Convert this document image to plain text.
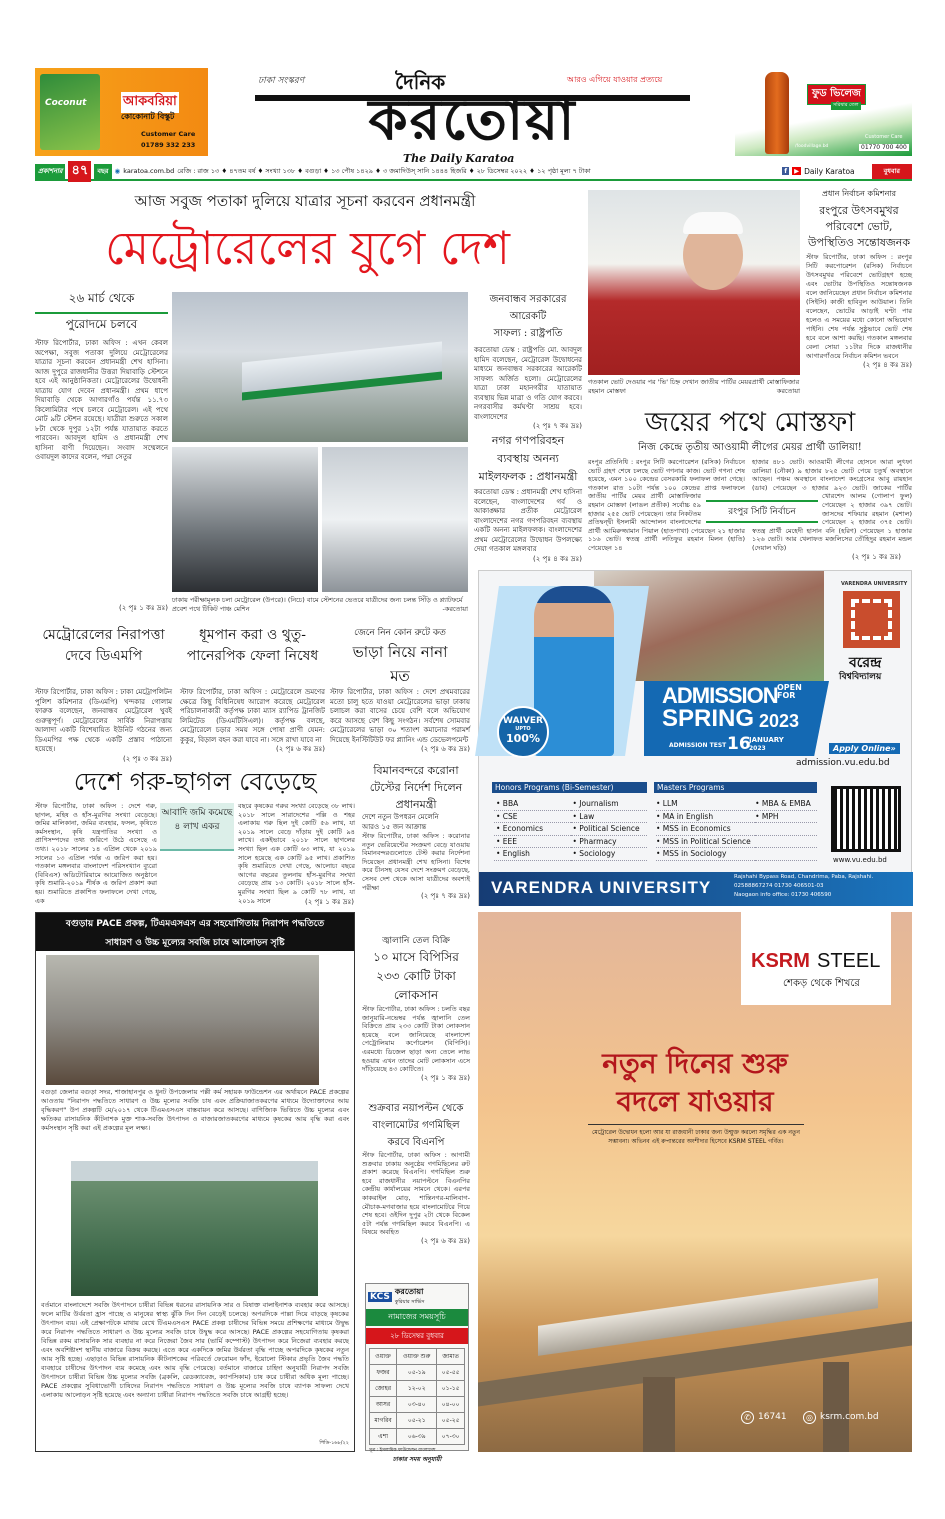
Coconut	আকবরিয়া
কোকোনাট বিস্কুট
Customer Care
01789 332 233
ফুড ভিলেজ
সরিষার তেল
/foodvillage.bd
Customer Care
01770 700 400
ঢাকা সংস্করণ	দৈনিক	আরও এগিয়ে যাওয়ার প্রত্যয়ে
করতোয়া
The Daily Karatoa
প্রকাশনার ৪৭	বছর ◉ karatoa.com.bd রেজি : রাজ ১৩ ♦ ৪৭তম বর্ষ ♦ সংখ্যা ১৩৮ ♦ বগুড়া ♦ ১৩ পৌষ ১৪২৯ ♦ ৩ জমাদিউস্ সানি ১৪৪৪ হিজরি ♦ ২৮ ডিসেম্বর ২০২২ ♦ ১২ পৃষ্ঠা মূল্য ৭ টাকা	f	▶ Daily Karatoa	বুধবার
আজ সবুজ পতাকা দুলিয়ে যাত্রার সূচনা করবেন প্রধানমন্ত্রী
মেট্রোরেলের যুগে দেশ
২৬ মার্চ থেকে
পুরোদমে চলবে
স্টাফ রিপোর্টার, ঢাকা অফিস : এখন কেবল অপেক্ষা, সবুজ পতাকা দুলিয়ে মেট্রোরেলের যাত্রার সূচনা করবেন প্রধানমন্ত্রী শেখ হাসিনা। আজ দুপুরে রাজধানীর উত্তরা দিয়াবাড়ি স্টেশনে হবে এই আনুষ্ঠানিকতা। মেট্রোরেলের উদ্বোধনী যাত্রায় যোগ দেবেন প্রধানমন্ত্রী। প্রথম ধাপে দিয়াবাড়ি থেকে আগারগাঁও পর্যন্ত ১১.৭৩ কিলোমিটার পথে চলবে মেট্রোরেল। এই পথে মোট ৯টি স্টেশন রয়েছে। যাত্রীরা শুরুতে সকাল ৮টা থেকে দুপুর ১২টা পর্যন্ত যাতায়াত করতে পারবেন। আবদুল হামিদ ও প্রধানমন্ত্রী শেখ হাসিনা বাণী দিয়েছেন। সংবাদ সম্মেলনে ওবায়দুল কাদের বলেন, পদ্মা সেতুর
(২ পৃঃ ১ কঃ দ্রঃ)
ঢাকায় পরীক্ষামূলক চলা মেট্রোরেল (উপরে)। (নিচে) বামে স্টেশনের ভেতরে যাত্রীদের জন্য চলন্ত সিঁড়ি ও প্ল্যাটফর্মে প্রবেশ পথে টিকিট পাঞ্চ মেশিন	-করতোয়া
জনবান্ধব সরকারের
আরেকটি
সাফল্য : রাষ্ট্রপতি
করতোয়া ডেস্ক : রাষ্ট্রপতি মো. আবদুল হামিদ বলেছেন, মেট্রোরেল উদ্বোধনের মাধ্যমে জনবান্ধব সরকারের আরেকটি সাফল্য অর্জিত হলো। মেট্রোরেলের যাত্রা ঢাকা মহানগরীর যাতায়াত ব্যবস্থায় ভিন্ন মাত্রা ও গতি যোগ করবে। নগরবাসীর কর্মঘণ্টা সাশ্রয় হবে। বাংলাদেশের
(২ পৃঃ ৭ কঃ দ্রঃ)
নগর গণপরিবহন ব্যবস্থায় অনন্য মাইলফলক : প্রধানমন্ত্রী
করতোয়া ডেস্ক : প্রধানমন্ত্রী শেখ হাসিনা বলেছেন, বাংলাদেশের গর্ব ও আকাঙ্ক্ষার প্রতীক মেট্রোরেল বাংলাদেশের নগর গণপরিবহন ব্যবস্থায় একটি অনন্য মাইলফলক। বাংলাদেশের প্রথম মেট্রোরেলের উদ্বোধন উপলক্ষ্যে দেয়া গতকাল মঙ্গলবার
(২ পৃঃ ৪ কঃ দ্রঃ)
গতকাল ভোট দেওয়ার পর 'ভি' চিহ্ন দেখান জাতীয় পার্টির মেয়রপ্রার্থী মোস্তাফিজার রহমান মোস্তফা	করতোয়া
প্রধান নির্বাচন কমিশনার
রংপুরে উৎসবমুখর পরিবেশে ভোট, উপস্থিতিও সন্তোষজনক
স্টাফ রিপোর্টার, ঢাকা অফিস : রংপুর সিটি করপোরেশন (রসিক) নির্বাচনে উৎসবমুখর পরিবেশে ভোটগ্রহণ হচ্ছে এবং ভোটার উপস্থিতিও সন্তোষজনক বলে জানিয়েছেন প্রধান নির্বাচন কমিশনার (সিইসি) কাজী হাবিবুল আউয়াল। তিনি বলেছেন, ভোটের আড়াই ঘণ্টা পার হলেও এ সময়ের মধ্যে কোনো অভিযোগ পাইনি। শেষ পর্যন্ত সুষ্ঠুভাবে ভোট শেষ হবে বলে আশা করছি। গতকাল মঙ্গলবার বেলা সোয়া ১১টার দিকে রাজধানীর আগারগাঁওয়ে নির্বাচন কমিশন ভবনে
(২ পৃঃ ৪ কঃ দ্রঃ)
জয়ের পথে মোস্তফা
নিজ কেন্দ্রে তৃতীয় আওয়ামী লীগের মেয়র প্রার্থী ডালিয়া!
রংপুর প্রতিনিধি : রংপুর সিটি করপোরেশন (রসিক) নির্বাচনে ভোট গ্রহণ শেষে চলছে ভোট গণনার কাজ। ভোট গণনা শেষ হয়েছে, এমন ১০০ কেন্দ্রের বেসরকারি ফলাফল জানা গেছে। গতকাল রাত ১০টা পর্যন্ত ১০০ কেন্দ্রের প্রাপ্ত ফলাফলে জাতীয় পার্টির মেয়র প্রার্থী মোস্তাফিজার রহমান মোস্তফা (লাঙল প্রতীক) সর্বোচ্চ ৫৯ হাজার ২৫৫ ভোট পেয়েছেন। তার নিকটতম প্রতিদ্বন্দ্বী ইসলামী আন্দোলন বাংলাদেশের প্রার্থী আমিরুজ্জামান পিয়াল (হাতপাখা) পেয়েছেন ২১ হাজার ১১৬ ভোট। স্বতন্ত্র প্রার্থী লতিফুর রহমান মিলন (হাতি) পেয়েছেন ১৪
হাজার ৪৮১ ভোট। আওয়ামী লীগের হোসনে আরা লুৎফা ডালিয়া (নৌকা) ৯ হাজার ৮২৫ ভোট পেয়ে চতুর্থ অবস্থানে আছেন। পঞ্চম অবস্থানে বাংলাদেশ কংগ্রেসের আবু রায়হান (ডাব) পেয়েছেন ৩ হাজার ৯২৩ ভোট। জাকের পার্টির খোরশেদ আলম (গোলাপ ফুল) পেয়েছেন ২ হাজার ৩৯৭ ভোট। জাসদের শফিয়ার রহমান (মশাল) পেয়েছেন ২ হাজার ৩৭৫ ভোট। স্বতন্ত্র প্রার্থী মেহেদী হাসান বনি (হরিণ) পেয়েছেন ১ হাজার ১২৬ ভোট। আর খেলাফত মজলিসের তৌহিদুর রহমান মন্ডল (দেয়াল ঘড়ি)
(২ পৃঃ ১ কঃ দ্রঃ)
রংপুর সিটি নির্বাচন
WAIVER
UPTO
100%
ADMISSION OPEN FOR
SPRING 2023
ADMISSION TEST 16
JANUARY
2023
VARENDRA UNIVERSITY
বরেন্দ্র
বিশ্ববিদ্যালয়
Apply Online»
admission.vu.edu.bd
Honors Programs (Bi-Semester)
• BBA	• Journalism
• CSE	• Law
• Economics	• Political Science
• EEE	• Pharmacy
• English	• Sociology
Masters Programs
• LLM	• MBA & EMBA
• MA in English	• MPH
• MSS in Economics
• MSS in Political Science
• MSS in Sociology
www.vu.edu.bd
VARENDRA UNIVERSITY
Rajshahi Bypass Road, Chandrima, Paba, Rajshahi.
02588867274 01730 406501-03
Naogaon info office: 01730 406590
মেট্রোরেলের নিরাপত্তা দেবে ডিএমপি
স্টাফ রিপোর্টার, ঢাকা অফিস : ঢাকা মেট্রোপলিটন পুলিশ কমিশনার (ডিএমপি) খন্দকার গোলাম ফারুক বলেছেন, জনবান্ধব মেট্রোরেল খুবই গুরুত্বপূর্ণ। মেট্রোরেলের সার্বিক নিরাপত্তায় আলাদা একটি বিশেষায়িত ইউনিট গঠনের জন্য ডিএমপির পক্ষ থেকে একটি প্রস্তাব পাঠানো হয়েছে।
(২ পৃঃ ৩ কঃ দ্রঃ)
ধূমপান করা ও থুতু-পানেরপিক ফেলা নিষেধ
স্টাফ রিপোর্টার, ঢাকা অফিস : মেট্রোরেলে ভ্রমণের ক্ষেত্রে কিছু বিধিনিষেধ আরোপ করেছে মেট্রোরেল পরিচালনাকারী কর্তৃপক্ষ ঢাকা ম্যাস র‍্যাপিড ট্রানজিট লিমিটেড (ডিএমটিসিএল)। কর্তৃপক্ষ বলছে, মেট্রোরেলে চড়ার সময় সঙ্গে পোষা প্রাণী যেমন: কুকুর, বিড়াল বহন করা যাবে না। সঙ্গে রাখা যাবে না
(২ পৃঃ ৬ কঃ দ্রঃ)
জেনে নিন কোন রুটে কত
ভাড়া নিয়ে নানা মত
স্টাফ রিপোর্টার, ঢাকা অফিস : দেশে প্রথমবারের মতো চালু হতে যাওয়া মেট্রোরেলের ভাড়া ঢাকায় চলাচল করা বাসের চেয়ে বেশি বলে অভিযোগ করে আসছে বেশ কিছু সংগঠন। সর্বশেষ সোমবার মেট্রোরেলের ভাড়া ৩০ শতাংশ কমানোর পরামর্শ দিয়েছে ইনস্টিটিউট ফর প্ল্যানিং এন্ড ডেভেলপমেন্ট
(২ পৃঃ ৬ কঃ দ্রঃ)
দেশে গরু-ছাগল বেড়েছে
স্টাফ রিপোর্টার, ঢাকা অফিস : দেশে গরু, ছাগল, মহিষ ও হাঁস-মুরগির সংখ্যা বেড়েছে। জমির মালিকানা, জমির ব্যবহার, ফসল, কৃষিতে কর্মসংস্থান, কৃষি যন্ত্রপাতির সংখ্যা ও প্রাণিসম্পদের তথ্য জরিপে উঠে এসেছে এ তথ্য। ২০১৮ সালের ১৪ এপ্রিল থেকে ২০১৯ সালের ১৩ এপ্রিল পর্যন্ত এ জরিপ করা হয়। গতকাল মঙ্গলবার বাংলাদেশ পরিসংখ্যান ব্যুরো (বিবিএস) অডিটোরিয়ামে আয়োজিত অনুষ্ঠানে কৃষি শুমারি-২০১৯ শীর্ষক এ জরিপ প্রকাশ করা হয়। শুমারিতে প্রকাশিত ফলাফলে দেখা গেছে, এক
আবাদি জমি কমেছে ৪ লাখ একর
বছরে কৃষকের গরুর সংখ্যা বেড়েছে ৩৮ লাখ। ২০১৮ সালে সারাদেশের পল্লি ও শহর এলাকায় গরু ছিল দুই কোটি ৫৬ লাখ, যা ২০১৯ সালে বেড়ে দাঁড়ায় দুই কোটি ৯৪ লাখে। একইভাবে ২০১৮ সালে ছাগলের সংখ্যা ছিল এক কোটি ৬৩ লাখ, যা ২০১৯ সালে হয়েছে এক কোটি ৯৫ লাখ। প্রকাশিত কৃষি শুমারিতে দেখা গেছে, আলোচ্য বছরে আগের বছরের তুলনায় হাঁস-মুরগির সংখ্যা বেড়েছে প্রায় ১৩ কোটি। ২০১৮ সালে হাঁস-মুরগির সংখ্যা ছিল ৯ কোটি ৭৮ লাখ, যা ২০১৯ সালে	(২ পৃঃ ১ কঃ দ্রঃ)
বিমানবন্দরে করোনা টেস্টের নির্দেশ দিলেন প্রধানমন্ত্রী
দেশে নতুন উপধরন মেলেনি
আরও ১৫ জন আক্রান্ত
স্টাফ রিপোর্টার, ঢাকা অফিস : করোনার নতুন ভেরিয়েন্টের সংক্রমণ বেড়ে যাওয়ায় বিমানবন্দরগুলোতে টেস্ট করার নির্দেশনা দিয়েছেন প্রধানমন্ত্রী শেখ হাসিনা। বিশেষ করে চীনসহ যেসব দেশে সংক্রমণ বেড়েছে, সেসব দেশ থেকে আসা যাত্রীদের অবশ্যই পরীক্ষা
(২ পৃঃ ৭ কঃ দ্রঃ)
জ্বালানি তেল বিক্রি
১০ মাসে বিপিসির ২৩৩ কোটি টাকা লোকসান
স্টাফ রিপোর্টার, ঢাকা অফিস : চলতি বছর জানুয়ারি-নভেম্বর পর্যন্ত জ্বালানি তেল বিক্রিতে প্রায় ২৩৩ কোটি টাকা লোকসান হয়েছে বলে জানিয়েছে বাংলাদেশ পেট্রোলিয়াম কর্পোরেশন (বিপিসি)। এরমধ্যে ডিজেল ছাড়া অন্য তেলে লাভ হওয়ায় এখন তাদের মোট লোকসান এসে দাঁড়িয়েছে ৪৩ কোটিতে।
(২ পৃঃ ১ কঃ দ্রঃ)
শুক্রবার নয়াপল্টন থেকে বাংলামোটর গণমিছিল করবে বিএনপি
স্টাফ রিপোর্টার, ঢাকা অফিস : আগামী শুক্রবার ঢাকায় অনুষ্ঠেয় গণমিছিলের রুট প্রকাশ করেছে বিএনপি। গণমিছিল শুরু হবে রাজধানীর নয়াপল্টনে বিএনপির কেন্দ্রীয় কার্যালয়ের সামনে থেকে। এরপর কাকরাইল মোড়, শান্তিনগর-মালিবাগ-মৌচাক-মগবাজার হয়ে বাংলামোটরে গিয়ে শেষ হবে। ওইদিন দুপুর ২টা থেকে বিকেল ৫টা পর্যন্ত গণমিছিল করবে বিএনপি। এ বিষয়ে অবহিত
(২ পৃঃ ৬ কঃ দ্রঃ)
বগুড়ায় PACE প্রকল্প, টিএমএসএস এর সহযোগিতায় নিরাপদ পদ্ধতিতে
সাধারণ ও উচ্চ মূল্যের সবজি চাষে আলোড়ন সৃষ্টি
বগুড়া জেলার বগুড়া সদর, শাজাহানপুর ও ধুনট উপজেলায় পল্লী কর্ম সহায়ক ফাউন্ডেশন এর অর্থায়নে PACE প্রকল্পের আওতায় "নিরাপদ পদ্ধতিতে সাধারণ ও উচ্চ মূল্যের সবজি চাষ এবং প্রক্রিয়াজাতকরণের মাধ্যমে উদ্যোক্তাদের আয় বৃদ্ধিকরণ" উপ প্রকল্পটি মে/২০১৭ থেকে টিএমএসএস বাস্তবায়ন করে আসছে। বাণিজ্যিক ভিত্তিতে উচ্চ মূল্যের এবং ক্ষতিকর রাসায়নিক কীটনাশক মুক্ত শাক-সবজি উৎপাদন ও বাজারজাতকরণের মাধ্যমে কৃষকের আয় বৃদ্ধি করা এবং কর্মসংস্থান সৃষ্টি করা এই প্রকল্পের মূল লক্ষ্য।
বর্তমানে বাংলাদেশে সবজি উৎপাদনে চাষীরা বিভিন্ন ধরনের রাসায়নিক সার ও বিষাক্ত বালাইনাশক ব্যবহার করে আসছে। ফলে মাটির উর্বরতা হ্রাস পাচ্ছে ও মানুষের স্বাস্থ্য ঝুঁকি দিন দিন বেড়েই চলেছে। অপরদিকে পাল্লা দিয়ে বাড়ছে কৃষকের উৎপাদন ব্যয়। এই প্রেক্ষাপটকে মাথায় রেখে টিএমএসএস PACE প্রকল্প চাষীদের বিভিন্ন সময়ে প্রশিক্ষণের মাধ্যমে উদ্বুদ্ধ করে নিরাপদ পদ্ধতিতে সাধারণ ও উচ্চ মূল্যের সবজি চাষে উদ্বুদ্ধ করে আসছে। PACE প্রকল্পের সহযোগিতায় কৃষকরা বিভিন্ন রকম রাসায়নিক সার ব্যবহার না করে নিজেরা জৈব সার (ভার্মি কম্পোস্ট) উৎপাদন করে নিজেরা ব্যবহার করছে এবং অবশিষ্টাংশ স্থানীয় বাজারে বিক্রয় করছে। এতে করে একদিকে জমির উর্বরতা বৃদ্ধি পাচ্ছে অপরদিকে কৃষকের নতুন আয় সৃষ্টি হচ্ছে। এছাড়াও বিভিন্ন রাসায়নিক কীটনাশকের পরিবর্তে ফেরোমন ফাঁদ, ইয়োলো স্টিকার প্রভৃতি জৈব পদ্ধতি ব্যবহারে চাষীদের উৎপাদন ব্যয় কমেছে এবং আয় বৃদ্ধি পেয়েছে। বর্তমানে বাজারে চাহিদা অনুযায়ী নিরাপদ সবজি উৎপাদনে চাষীরা বিভিন্ন উচ্চ মূল্যের সবজি (ব্রকলি, রেডক্যাবেজ, ক্যাপসিকাম) চাষ করে চাষীরা অধিক মূল্য পাচ্ছে। PACE প্রকল্পের সুবিধাভোগী চাষিদের নিরাপদ পদ্ধতিতে সাধারণ ও উচ্চ মূল্যের সবজি চাষে ব্যাপক সাফল্য দেখে এলাকায় আলোড়ন সৃষ্টি হয়েছে এবং অন্যান্য চাষীরা নিরাপদ পদ্ধতিতে সবজি চাষে আগ্রহী হচ্ছে।
পিডি-১৬৮/২২
KCS করতোয়া
কুরিয়ার সার্ভিস
নামাজের সময়সূচি
২৮ ডিসেম্বর বুধবার
ওয়াক্ত	ওয়াক্ত শুরু	জামাত
ফজর	০৫-১৯	০৫-৫৫
জোহর	১২-০২	০১-১৫
আসর	০৩-৪০	০৪-০০
মাগরিব	০৫-২১	০৫-২৫
এশা	০৬-৩৯	০৭-৩০
সূত্র : ইসলামিক ফাউন্ডেশন বাংলাদেশ
ঢাকার সময় অনুযায়ী
KSRM STEEL
শেকড় থেকে শিখরে
নতুন দিনের শুরু
বদলে যাওয়ার
মেট্রোরেল উদ্বোধন হলো আর যা রাজধানী ঢাকার জন্য উন্মুক্ত করলো সমৃদ্ধির এক নতুন সম্ভাবনা। অভিনব এই রুপান্তরের অংশীদার হিসেবে KSRM STEEL গর্বিত।
✆ 16741	◎ ksrm.com.bd
